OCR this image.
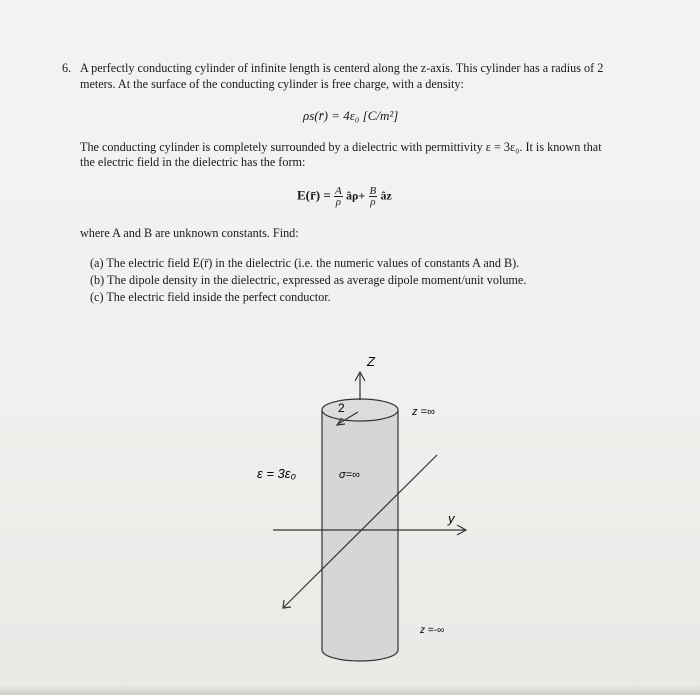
6. A perfectly conducting cylinder of infinite length is centerd along the z-axis. This cylinder has a radius of 2
meters. At the surface of the conducting cylinder is free charge, with a density:
ρs(r̄) = 4ε₀ [C/m²]
The conducting cylinder is completely surrounded by a dielectric with permittivity ε = 3ε₀. It is known that
the electric field in the dielectric has the form:
E(r̄) = $\frac{A}{\rho}$ âρ+ $\frac{B}{\rho}$ âz
where A and B are unknown constants. Find:
(a) The electric field E(r̄) in the dielectric (i.e. the numeric values of constants A and B).
(b) The dipole density in the dielectric, expressed as average dipole moment/unit volume.
(c) The electric field inside the perfect conductor.
Z
y
2	z =∞
z =-∞
ε = 3ε₀	σ=∞
